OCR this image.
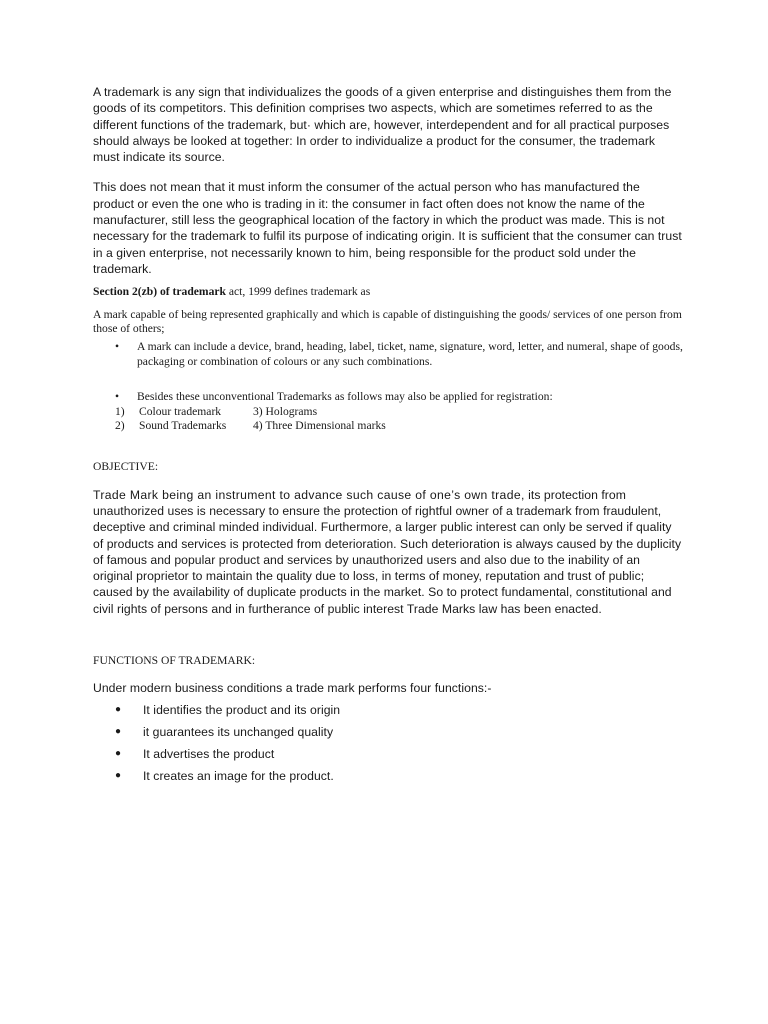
A trademark is any sign that individualizes the goods of a given enterprise and distinguishes them from the goods of its competitors. This definition comprises two aspects, which are sometimes referred to as the different functions of the trademark, but· which are, however, interdependent and for all practical purposes should always be looked at together: In order to individualize a product for the consumer, the trademark must indicate its source.

This does not mean that it must inform the consumer of the actual person who has manufactured the product or even the one who is trading in it: the consumer in fact often does not know the name of the manufacturer, still less the geographical location of the factory in which the product was made. This is not necessary for the trademark to fulfil its purpose of indicating origin. It is sufficient that the consumer can trust in a given enterprise, not necessarily known to him, being responsible for the product sold under the trademark.

Section 2(zb) of trademark act, 1999 defines trademark as

A mark capable of being represented graphically and which is capable of distinguishing the goods/ services of one person from those of others;

•	A mark can include a device, brand, heading, label, ticket, name, signature, word, letter, and numeral, shape of goods, packaging or combination of colours or any such combinations.
•	Besides these unconventional Trademarks as follows may also be applied for registration:
1)	Colour trademark	3) Holograms
2)	Sound Trademarks	4) Three Dimensional marks

OBJECTIVE:

Trade Mark being an instrument to advance such cause of one’s own trade, its protection from unauthorized uses is necessary to ensure the protection of rightful owner of a trademark from fraudulent, deceptive and criminal minded individual. Furthermore, a larger public interest can only be served if quality of products and services is protected from deterioration. Such deterioration is always caused by the duplicity of famous and popular product and services by unauthorized users and also due to the inability of an original proprietor to maintain the quality due to loss, in terms of money, reputation and trust of public; caused by the availability of duplicate products in the market. So to protect fundamental, constitutional and civil rights of persons and in furtherance of public interest Trade Marks law has been enacted.

FUNCTIONS OF TRADEMARK:

Under modern business conditions a trade mark performs four functions:-

●	It identifies the product and its origin
●	it guarantees its unchanged quality
●	It advertises the product
●	It creates an image for the product.
